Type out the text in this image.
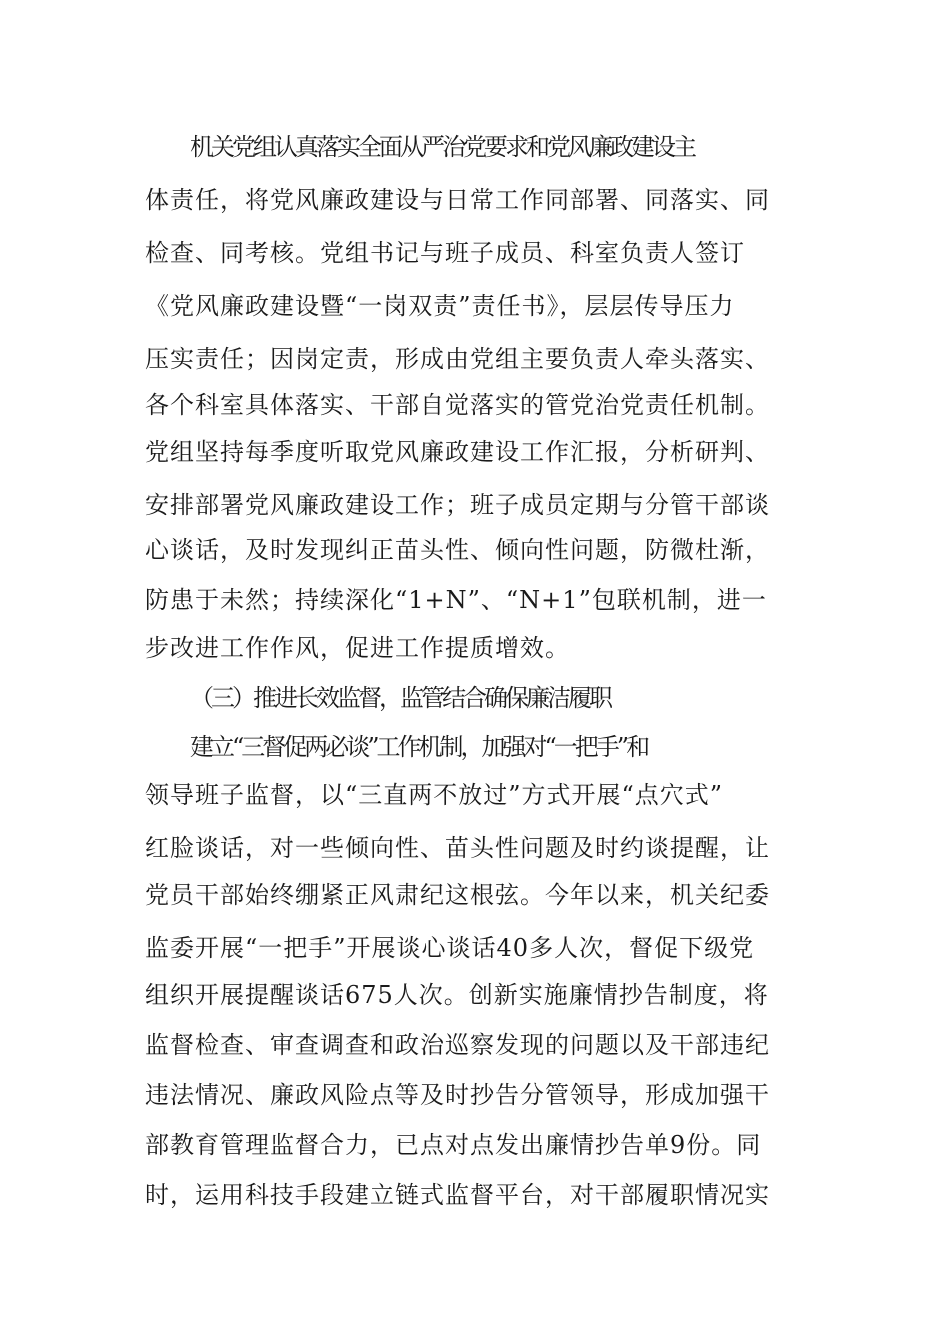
机关党组认真落实全面从严治党要求和党风廉政建设主
体责任，将党风廉政建设与日常工作同部署、同落实、同
检查、同考核。党组书记与班子成员、科室负责人签订
《党风廉政建设暨“一岗双责”责任书》，层层传导压力
压实责任；因岗定责，形成由党组主要负责人牵头落实、
各个科室具体落实、干部自觉落实的管党治党责任机制。
党组坚持每季度听取党风廉政建设工作汇报，分析研判、
安排部署党风廉政建设工作；班子成员定期与分管干部谈
心谈话，及时发现纠正苗头性、倾向性问题，防微杜渐，
防患于未然；持续深化“1+N”、“N+1”包联机制，进一
步改进工作作风，促进工作提质增效。
（三）推进长效监督，监管结合确保廉洁履职
建立“三督促两必谈”工作机制，加强对“一把手”和
领导班子监督，以“三直两不放过”方式开展“点穴式”
红脸谈话，对一些倾向性、苗头性问题及时约谈提醒，让
党员干部始终绷紧正风肃纪这根弦。今年以来，机关纪委
监委开展“一把手”开展谈心谈话40多人次，督促下级党
组织开展提醒谈话675人次。创新实施廉情抄告制度，将
监督检查、审查调查和政治巡察发现的问题以及干部违纪
违法情况、廉政风险点等及时抄告分管领导，形成加强干
部教育管理监督合力，已点对点发出廉情抄告单9份。同
时，运用科技手段建立链式监督平台，对干部履职情况实
